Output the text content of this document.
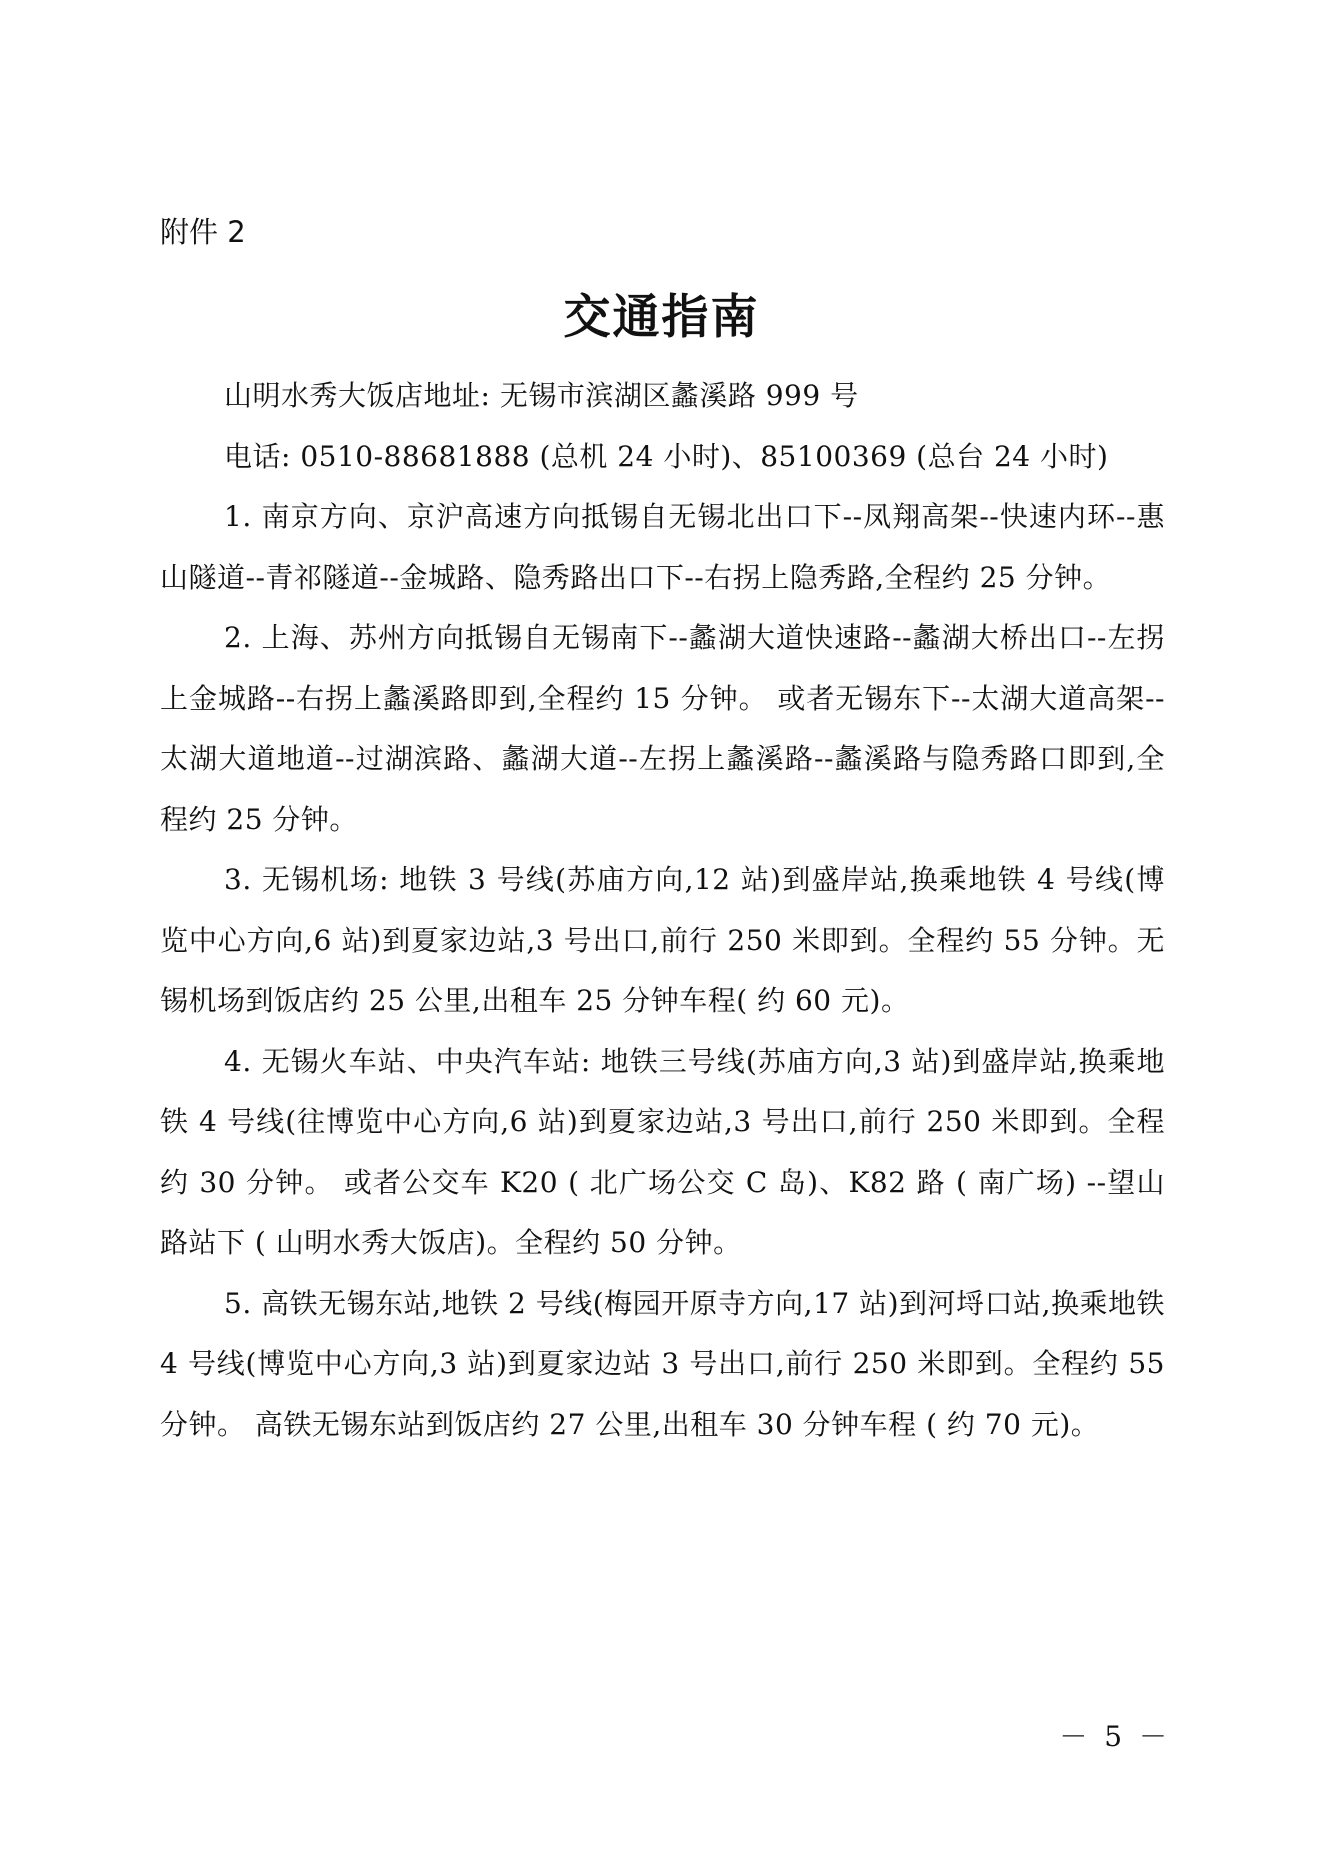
附件 2

交通指南

山明水秀大饭店地址: 无锡市滨湖区蠡溪路 999 号

电话: 0510-88681888 (总机 24 小时)、85100369 (总台 24 小时)

1. 南京方向、京沪高速方向抵锡自无锡北出口下--凤翔高架--快速内环--惠山隧道--青祁隧道--金城路、隐秀路出口下--右拐上隐秀路,全程约 25 分钟。

2. 上海、苏州方向抵锡自无锡南下--蠡湖大道快速路--蠡湖大桥出口--左拐上金城路--右拐上蠡溪路即到,全程约 15 分钟。 或者无锡东下--太湖大道高架--太湖大道地道--过湖滨路、蠡湖大道--左拐上蠡溪路--蠡溪路与隐秀路口即到,全程约 25 分钟。

3. 无锡机场: 地铁 3 号线(苏庙方向,12 站)到盛岸站,换乘地铁 4 号线(博览中心方向,6 站)到夏家边站,3 号出口,前行 250 米即到。全程约 55 分钟。无锡机场到饭店约 25 公里,出租车 25 分钟车程( 约 60 元)。

4. 无锡火车站、中央汽车站: 地铁三号线(苏庙方向,3 站)到盛岸站,换乘地铁 4 号线(往博览中心方向,6 站)到夏家边站,3 号出口,前行 250 米即到。全程约 30 分钟。 或者公交车 K20 ( 北广场公交 C 岛)、K82 路 ( 南广场) --望山路站下 ( 山明水秀大饭店)。全程约 50 分钟。

5. 高铁无锡东站,地铁 2 号线(梅园开原寺方向,17 站)到河埒口站,换乘地铁 4 号线(博览中心方向,3 站)到夏家边站 3 号出口,前行 250 米即到。全程约 55 分钟。 高铁无锡东站到饭店约 27 公里,出租车 30 分钟车程 ( 约 70 元)。

－ 5 －
